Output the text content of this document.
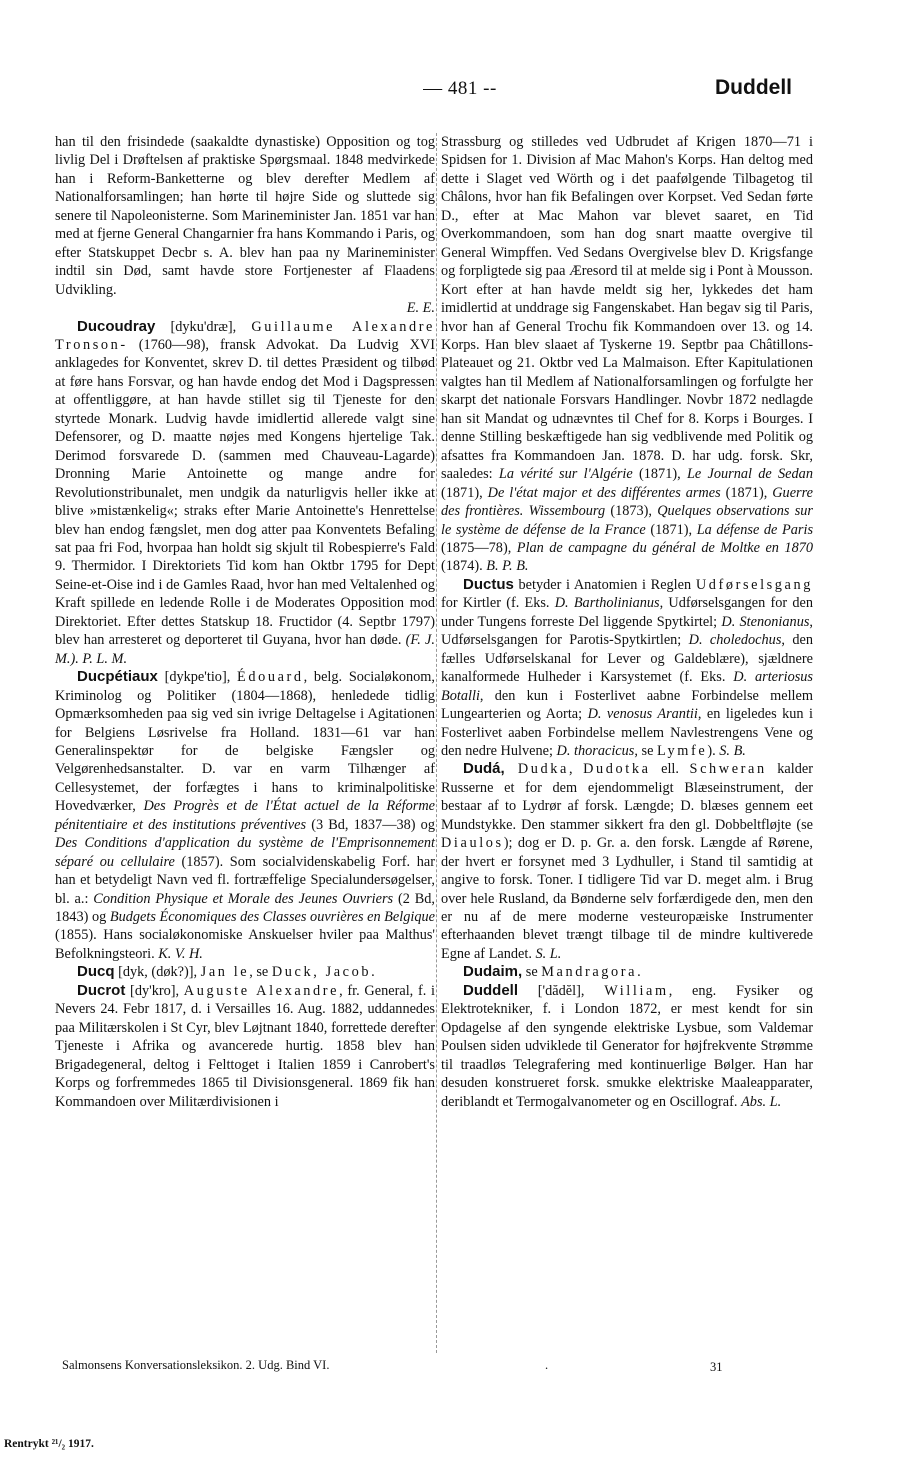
— 481 --	Duddell

han til den frisindede (saakaldte dynastiske) Opposition og tog livlig Del i Drøftelsen af praktiske Spørgsmaal. 1848 medvirkede han i Reform-Banketterne og blev derefter Medlem af Nationalforsamlingen; han hørte til højre Side og sluttede sig senere til Napoleonisterne. Som Marineminister Jan. 1851 var han med at fjerne General Changarnier fra hans Kommando i Paris, og efter Statskuppet Decbr s. A. blev han paa ny Marineminister indtil sin Død, samt havde store Fortjenester af Flaadens Udvikling.
E. E.

Ducoudray [dyku'dræ], Guillaume Alexandre Tronson- (1760—98), fransk Advokat. Da Ludvig XVI anklagedes for Konventet, skrev D. til dettes Præsident og tilbød at føre hans Forsvar, og han havde endog det Mod i Dagspressen at offentliggøre, at han havde stillet sig til Tjeneste for den styrtede Monark. Ludvig havde imidlertid allerede valgt sine Defensorer, og D. maatte nøjes med Kongens hjertelige Tak. Derimod forsvarede D. (sammen med Chauveau-Lagarde) Dronning Marie Antoinette og mange andre for Revolutionstribunalet, men undgik da naturligvis heller ikke at blive »mistænkelig«; straks efter Marie Antoinette's Henrettelse blev han endog fængslet, men dog atter paa Konventets Befaling sat paa fri Fod, hvorpaa han holdt sig skjult til Robespierre's Fald 9. Thermidor. I Direktoriets Tid kom han Oktbr 1795 for Dept Seine-et-Oise ind i de Gamles Raad, hvor han med Veltalenhed og Kraft spillede en ledende Rolle i de Moderates Opposition mod Direktoriet. Efter dettes Statskup 18. Fructidor (4. Septbr 1797) blev han arresteret og deporteret til Guyana, hvor han døde. (F. J. M.). P. L. M.

Ducpétiaux [dykpe'tio], Édouard, belg. Socialøkonom, Kriminolog og Politiker (1804—1868), henledede tidlig Opmærksomheden paa sig ved sin ivrige Deltagelse i Agitationen for Belgiens Løsrivelse fra Holland. 1831—61 var han Generalinspektør for de belgiske Fængsler og Velgørenhedsanstalter. D. var en varm Tilhænger af Cellesystemet, der forfægtes i hans to kriminalpolitiske Hovedværker, Des Progrès et de l'État actuel de la Réforme pénitentiaire et des institutions préventives (3 Bd, 1837—38) og Des Conditions d'application du système de l'Emprisonnement séparé ou cellulaire (1857). Som socialvidenskabelig Forf. har han et betydeligt Navn ved fl. fortræffelige Specialundersøgelser, bl. a.: Condition Physique et Morale des Jeunes Ouvriers (2 Bd, 1843) og Budgets Économiques des Classes ouvrières en Belgique (1855). Hans socialøkonomiske Anskuelser hviler paa Malthus' Befolkningsteori. K. V. H.

Ducq [dyk, (døk?)], Jan le, se Duck, Jacob.

Ducrot [dy'kro], Auguste Alexandre, fr. General, f. i Nevers 24. Febr 1817, d. i Versailles 16. Aug. 1882, uddannedes paa Militærskolen i St Cyr, blev Løjtnant 1840, forrettede derefter Tjeneste i Afrika og avancerede hurtig. 1858 blev han Brigadegeneral, deltog i Felttoget i Italien 1859 i Canrobert's Korps og forfremmedes 1865 til Divisionsgeneral. 1869 fik han Kommandoen over Militærdivisionen i

Strassburg og stilledes ved Udbrudet af Krigen 1870—71 i Spidsen for 1. Division af Mac Mahon's Korps. Han deltog med dette i Slaget ved Wörth og i det paafølgende Tilbagetog til Châlons, hvor han fik Befalingen over Korpset. Ved Sedan førte D., efter at Mac Mahon var blevet saaret, en Tid Overkommandoen, som han dog snart maatte overgive til General Wimpffen. Ved Sedans Overgivelse blev D. Krigsfange og forpligtede sig paa Æresord til at melde sig i Pont à Mousson. Kort efter at han havde meldt sig her, lykkedes det ham imidlertid at unddrage sig Fangenskabet. Han begav sig til Paris, hvor han af General Trochu fik Kommandoen over 13. og 14. Korps. Han blev slaaet af Tyskerne 19. Septbr paa Châtillons-Plateauet og 21. Oktbr ved La Malmaison. Efter Kapitulationen valgtes han til Medlem af Nationalforsamlingen og forfulgte her skarpt det nationale Forsvars Handlinger. Novbr 1872 nedlagde han sit Mandat og udnævntes til Chef for 8. Korps i Bourges. I denne Stilling beskæftigede han sig vedblivende med Politik og afsattes fra Kommandoen Jan. 1878. D. har udg. forsk. Skr, saaledes: La vérité sur l'Algérie (1871), Le Journal de Sedan (1871), De l'état major et des différentes armes (1871), Guerre des frontières. Wissembourg (1873), Quelques observations sur le système de défense de la France (1871), La défense de Paris (1875—78), Plan de campagne du général de Moltke en 1870 (1874). B. P. B.

Ductus betyder i Anatomien i Reglen Udførselsgang for Kirtler (f. Eks. D. Bartholinianus, Udførselsgangen for den under Tungens forreste Del liggende Spytkirtel; D. Stenonianus, Udførselsgangen for Parotis-Spytkirtlen; D. choledochus, den fælles Udførselskanal for Lever og Galdeblære), sjældnere kanalformede Hulheder i Karsystemet (f. Eks. D. arteriosus Botalli, den kun i Fosterlivet aabne Forbindelse mellem Lungearterien og Aorta; D. venosus Arantii, en ligeledes kun i Fosterlivet aaben Forbindelse mellem Navlestrengens Vene og den nedre Hulvene; D. thoracicus, se Lymfe). S. B.

Dudá, Dudka, Dudotka ell. Schweran kalder Russerne et for dem ejendommeligt Blæseinstrument, der bestaar af to Lydrør af forsk. Længde; D. blæses gennem eet Mundstykke. Den stammer sikkert fra den gl. Dobbeltfløjte (se Diaulos); dog er D. p. Gr. a. den forsk. Længde af Rørene, der hvert er forsynet med 3 Lydhuller, i Stand til samtidig at angive to forsk. Toner. I tidligere Tid var D. meget alm. i Brug over hele Rusland, da Bønderne selv forfærdigede den, men den er nu af de mere moderne vesteuropæiske Instrumenter efterhaanden blevet trængt tilbage til de mindre kultiverede Egne af Landet. S. L.

Dudaim, se Mandragora.

Duddell ['dădĕl], William, eng. Fysiker og Elektrotekniker, f. i London 1872, er mest kendt for sin Opdagelse af den syngende elektriske Lysbue, som Valdemar Poulsen siden udviklede til Generator for højfrekvente Strømme til traadløs Telegrafering med kontinuerlige Bølger. Han har desuden konstrueret forsk. smukke elektriske Maaleapparater, deriblandt et Termogalvanometer og en Oscillograf. Abs. L.

Salmonsens Konversationsleksikon. 2. Udg. Bind VI.	.	31
Rentrykt ²¹/₂ 1917.
